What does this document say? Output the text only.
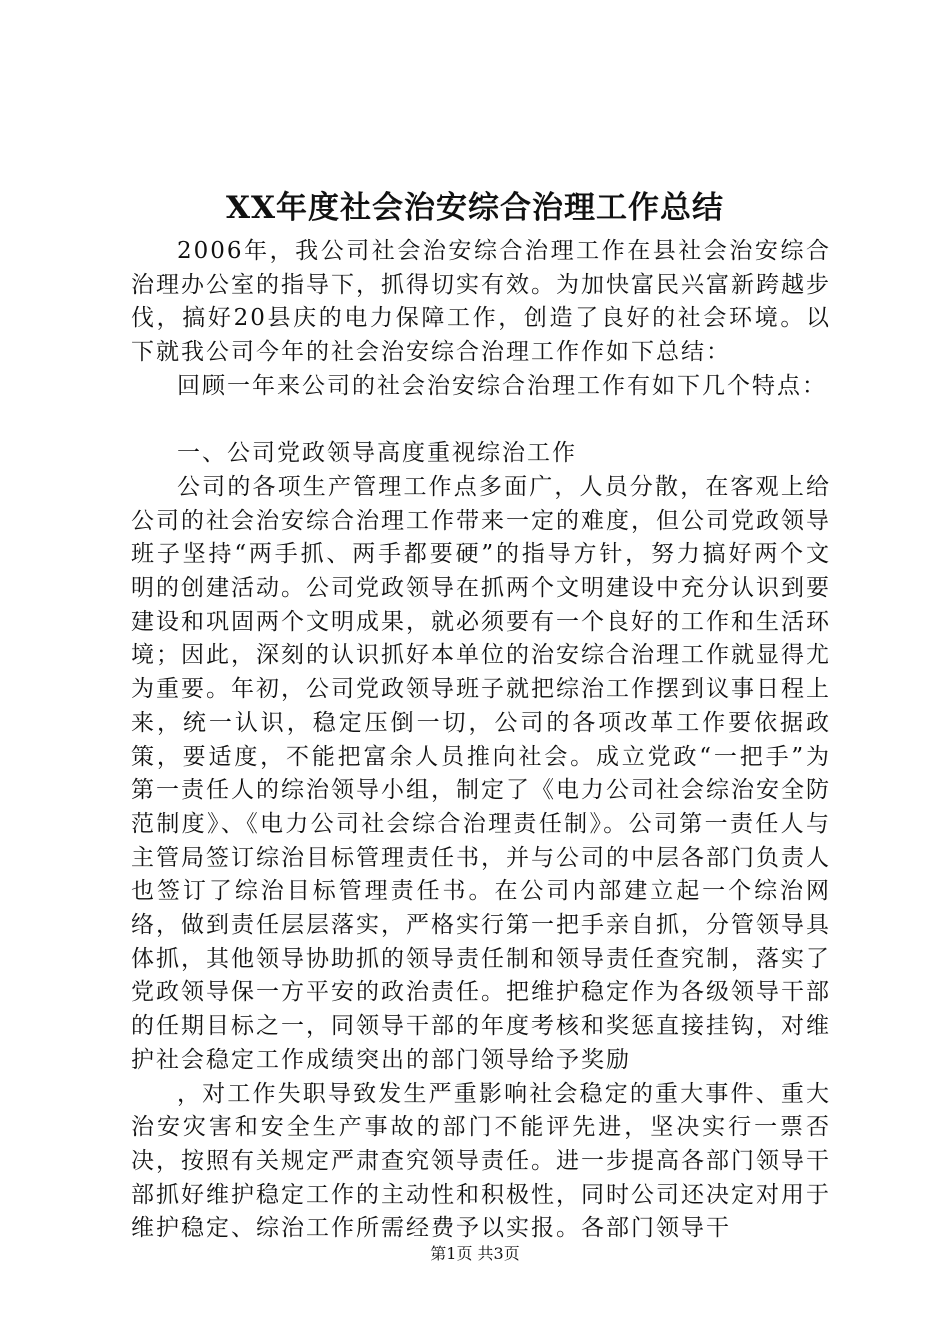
XX年度社会治安综合治理工作总结

2006年，我公司社会治安综合治理工作在县社会治安综合治理办公室的指导下，抓得切实有效。为加快富民兴富新跨越步伐，搞好20县庆的电力保障工作，创造了良好的社会环境。以下就我公司今年的社会治安综合治理工作作如下总结：

回顾一年来公司的社会治安综合治理工作有如下几个特点：

一、公司党政领导高度重视综治工作

公司的各项生产管理工作点多面广，人员分散，在客观上给公司的社会治安综合治理工作带来一定的难度，但公司党政领导班子坚持“两手抓、两手都要硬”的指导方针，努力搞好两个文明的创建活动。公司党政领导在抓两个文明建设中充分认识到要建设和巩固两个文明成果，就必须要有一个良好的工作和生活环境；因此，深刻的认识抓好本单位的治安综合治理工作就显得尤为重要。年初，公司党政领导班子就把综治工作摆到议事日程上来，统一认识，稳定压倒一切，公司的各项改革工作要依据政策，要适度，不能把富余人员推向社会。成立党政“一把手”为第一责任人的综治领导小组，制定了《电力公司社会综治安全防范制度》、《电力公司社会综合治理责任制》。公司第一责任人与主管局签订综治目标管理责任书，并与公司的中层各部门负责人也签订了综治目标管理责任书。在公司内部建立起一个综治网络，做到责任层层落实，严格实行第一把手亲自抓，分管领导具体抓，其他领导协助抓的领导责任制和领导责任查究制，落实了党政领导保一方平安的政治责任。把维护稳定作为各级领导干部的任期目标之一，同领导干部的年度考核和奖惩直接挂钩，对维护社会稳定工作成绩突出的部门领导给予奖励

，对工作失职导致发生严重影响社会稳定的重大事件、重大治安灾害和安全生产事故的部门不能评先进，坚决实行一票否决，按照有关规定严肃查究领导责任。进一步提高各部门领导干部抓好维护稳定工作的主动性和积极性，同时公司还决定对用于维护稳定、综治工作所需经费予以实报。各部门领导干

第1页 共3页
